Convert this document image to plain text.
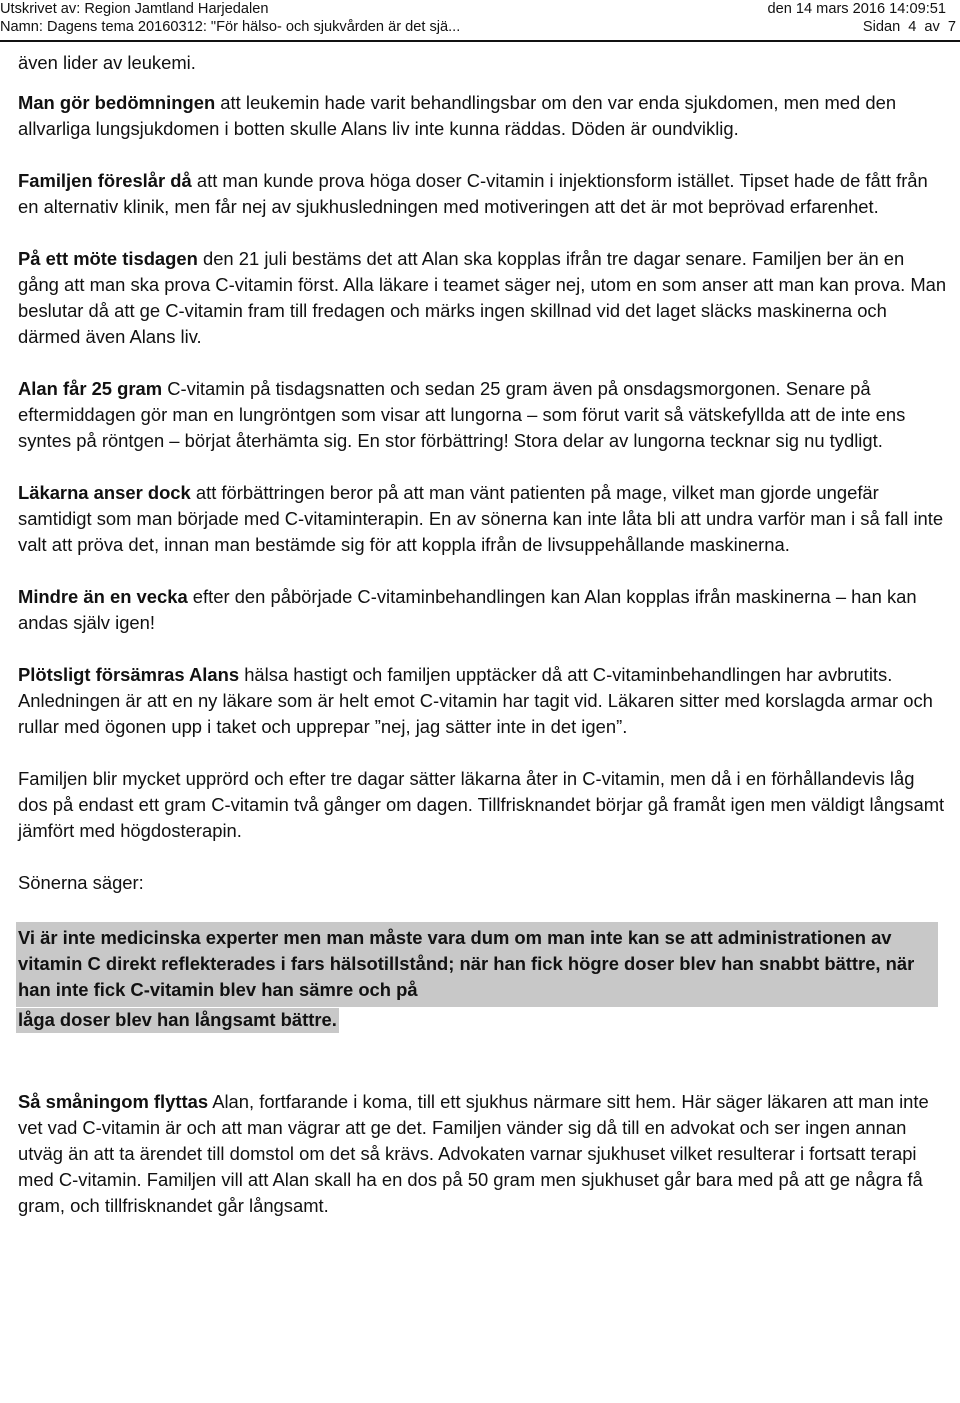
Utskrivet av: Region Jamtland Harjedalen
Namn: Dagens tema 20160312: "För hälso- och sjukvården är det sjä...
den 14 mars 2016 14:09:51
Sidan 4 av 7

även lider av leukemi.

Man gör bedömningen att leukemin hade varit behandlingsbar om den var enda sjukdomen, men med den allvarliga lungsjukdomen i botten skulle Alans liv inte kunna räddas. Döden är oundviklig.

Familjen föreslår då att man kunde prova höga doser C-vitamin i injektionsform istället. Tipset hade de fått från en alternativ klinik, men får nej av sjukhusledningen med motiveringen att det är mot beprövad erfarenhet.

På ett möte tisdagen den 21 juli bestäms det att Alan ska kopplas ifrån tre dagar senare. Familjen ber än en gång att man ska prova C-vitamin först. Alla läkare i teamet säger nej, utom en som anser att man kan prova. Man beslutar då att ge C-vitamin fram till fredagen och märks ingen skillnad vid det laget släcks maskinerna och därmed även Alans liv.

Alan får 25 gram C-vitamin på tisdagsnatten och sedan 25 gram även på onsdagsmorgonen. Senare på eftermiddagen gör man en lungröntgen som visar att lungorna – som förut varit så vätskefyllda att de inte ens syntes på röntgen – börjat återhämta sig. En stor förbättring! Stora delar av lungorna tecknar sig nu tydligt.

Läkarna anser dock att förbättringen beror på att man vänt patienten på mage, vilket man gjorde ungefär samtidigt som man började med C-vitaminterapin. En av sönerna kan inte låta bli att undra varför man i så fall inte valt att pröva det, innan man bestämde sig för att koppla ifrån de livsuppehållande maskinerna.

Mindre än en vecka efter den påbörjade C-vitaminbehandlingen kan Alan kopplas ifrån maskinerna – han kan andas själv igen!

Plötsligt försämras Alans hälsa hastigt och familjen upptäcker då att C-vitaminbehandlingen har avbrutits. Anledningen är att en ny läkare som är helt emot C-vitamin har tagit vid. Läkaren sitter med korslagda armar och rullar med ögonen upp i taket och upprepar ”nej, jag sätter inte in det igen”.

Familjen blir mycket upprörd och efter tre dagar sätter läkarna åter in C-vitamin, men då i en förhållandevis låg dos på endast ett gram C-vitamin två gånger om dagen. Tillfrisknandet börjar gå framåt igen men väldigt långsamt jämfört med högdosterapin.

Sönerna säger:

Vi är inte medicinska experter men man måste vara dum om man inte kan se att administrationen av vitamin C direkt reflekterades i fars hälsotillstånd; när han fick högre doser blev han snabbt bättre, när han inte fick C-vitamin blev han sämre och på
låga doser blev han långsamt bättre.

Så småningom flyttas Alan, fortfarande i koma, till ett sjukhus närmare sitt hem. Här säger läkaren att man inte vet vad C-vitamin är och att man vägrar att ge det. Familjen vänder sig då till en advokat och ser ingen annan utväg än att ta ärendet till domstol om det så krävs. Advokaten varnar sjukhuset vilket resulterar i fortsatt terapi med C-vitamin. Familjen vill att Alan skall ha en dos på 50 gram men sjukhuset går bara med på att ge några få gram, och tillfrisknandet går långsamt.
